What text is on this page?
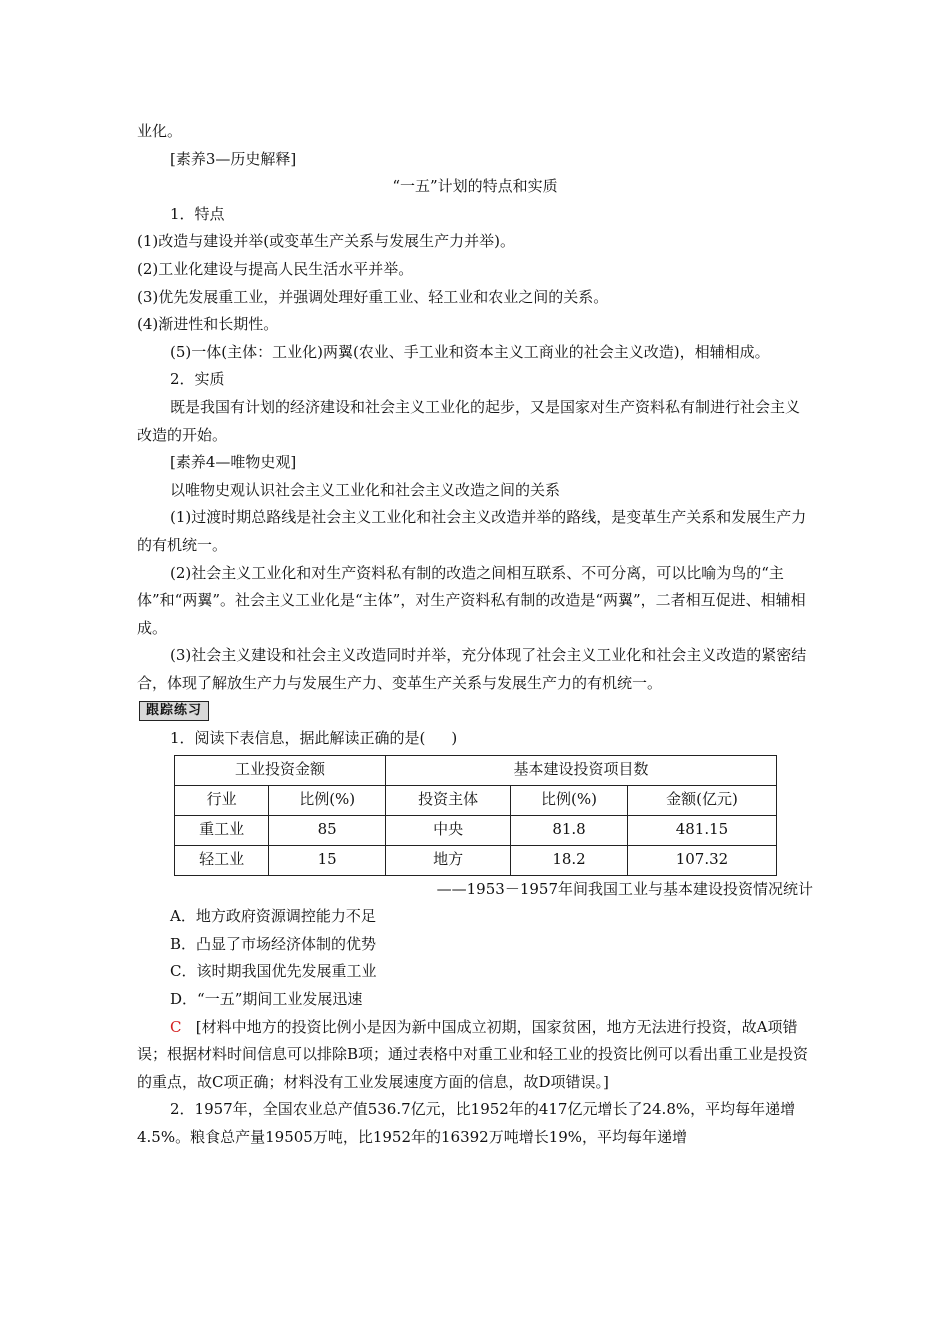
业化。

[素养3—历史解释]

“一五”计划的特点和实质

1．特点

(1)改造与建设并举(或变革生产关系与发展生产力并举)。

(2)工业化建设与提高人民生活水平并举。

(3)优先发展重工业，并强调处理好重工业、轻工业和农业之间的关系。

(4)渐进性和长期性。

(5)一体(主体：工业化)两翼(农业、手工业和资本主义工商业的社会主义改造)，相辅相成。

2．实质

既是我国有计划的经济建设和社会主义工业化的起步，又是国家对生产资料私有制进行社会主义改造的开始。

[素养4—唯物史观]

以唯物史观认识社会主义工业化和社会主义改造之间的关系

(1)过渡时期总路线是社会主义工业化和社会主义改造并举的路线，是变革生产关系和发展生产力的有机统一。

(2)社会主义工业化和对生产资料私有制的改造之间相互联系、不可分离，可以比喻为鸟的“主体”和“两翼”。社会主义工业化是“主体”，对生产资料私有制的改造是“两翼”，二者相互促进、相辅相成。

(3)社会主义建设和社会主义改造同时并举，充分体现了社会主义工业化和社会主义改造的紧密结合，体现了解放生产力与发展生产力、变革生产关系与发展生产力的有机统一。

跟踪练习

1．阅读下表信息，据此解读正确的是( )

工业投资金额		基本建设投资项目数		
行业	比例(%)	投资主体	比例(%)	金额(亿元)
重工业	85	中央	81.8	481.15
轻工业	15	地方	18.2	107.32

——1953－1957年间我国工业与基本建设投资情况统计

A．地方政府资源调控能力不足

B．凸显了市场经济体制的优势

C．该时期我国优先发展重工业

D．“一五”期间工业发展迅速

C [材料中地方的投资比例小是因为新中国成立初期，国家贫困，地方无法进行投资，故A项错误；根据材料时间信息可以排除B项；通过表格中对重工业和轻工业的投资比例可以看出重工业是投资的重点，故C项正确；材料没有工业发展速度方面的信息，故D项错误。]

2．1957年，全国农业总产值536.7亿元，比1952年的417亿元增长了24.8%，平均每年递增4.5%。粮食总产量19505万吨，比1952年的16392万吨增长19%，平均每年递增
